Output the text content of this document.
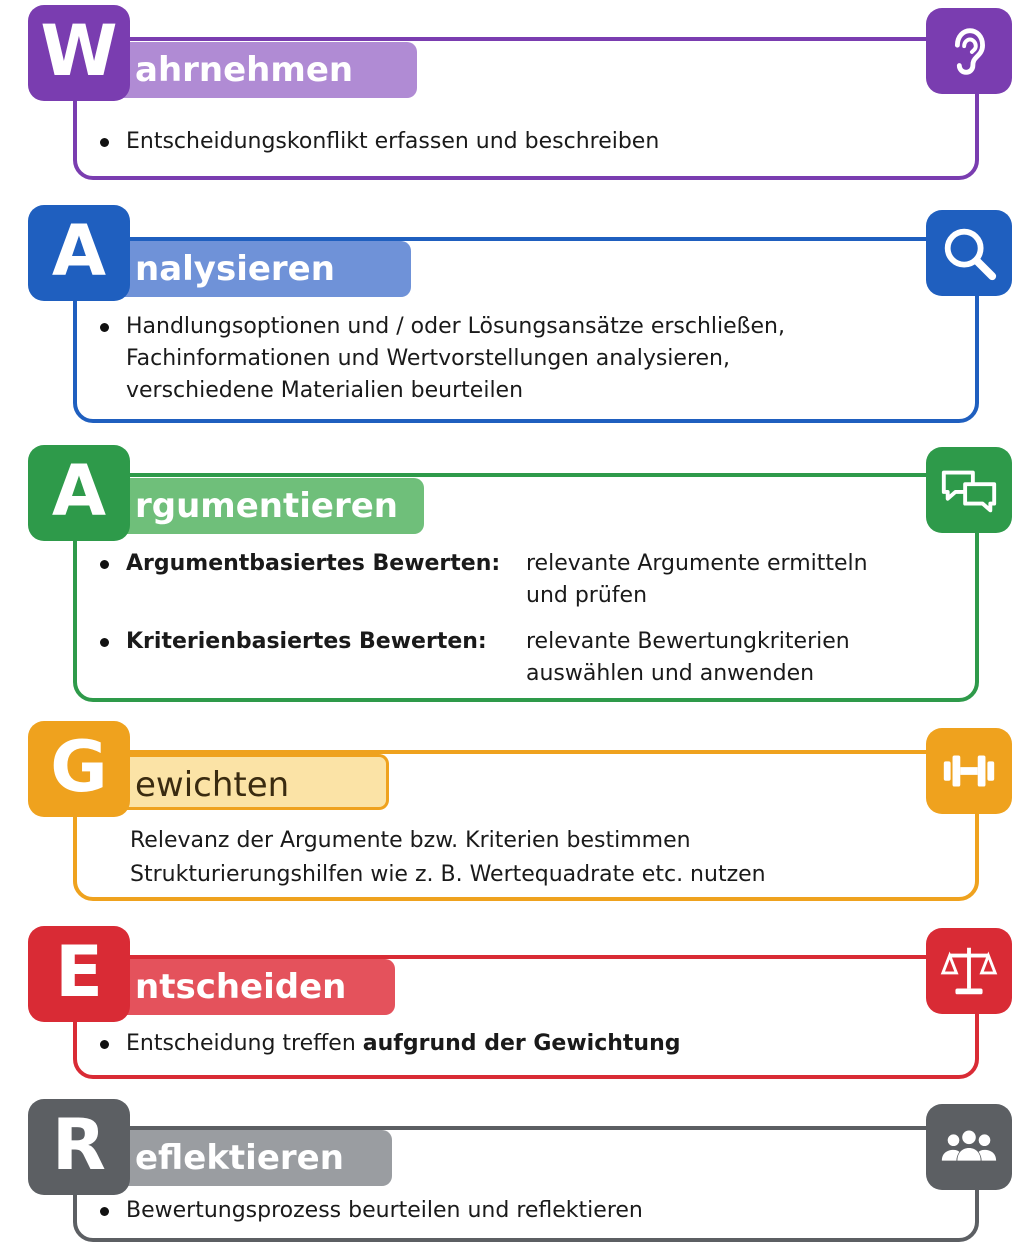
ahrnehmen
W
Entscheidungskonflikt erfassen und beschreiben
nalysieren
A
Handlungsoptionen und / oder Lösungsansätze erschließen,
Fachinformationen und Wertvorstellungen analysieren,
verschiedene Materialien beurteilen
rgumentieren
A
Argumentbasiertes Bewerten:	relevante Argumente ermitteln
und prüfen
Kriterienbasiertes Bewerten:	relevante Bewertungkriterien
auswählen und anwenden
ewichten
G
Relevanz der Argumente bzw. Kriterien bestimmen
Strukturierungshilfen wie z. B. Wertequadrate etc. nutzen
ntscheiden
E
Entscheidung treffen aufgrund der Gewichtung
eflektieren
R
Bewertungsprozess beurteilen und reflektieren
